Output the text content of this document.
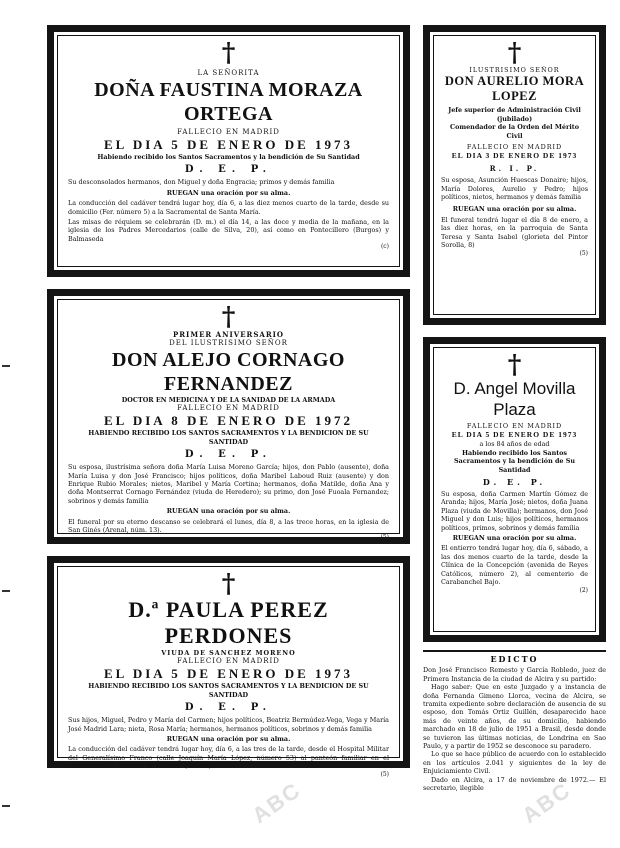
ABC	ABC
†
LA SEÑORITA
DOÑA FAUSTINA MORAZA ORTEGA
FALLECIO EN MADRID
EL DIA 5 DE ENERO DE 1973
Habiendo recibido los Santos Sacramentos y la bendición de Su Santidad
D. E. P.
Su desconsolados hermanos, don Miguel y doña Engracia; primos y demás familia
RUEGAN una oración por su alma.
La conducción del cadáver tendrá lugar hoy, día 6, a las diez menos cuarto de la tarde, desde su domicilio (Fer. número 5) a la Sacramental de Santa María.
Las misas de réquiem se celebrarán (D. m.) el día 14, a las doce y media de la mañana, en la iglesia de los Padres Mercedarios (calle de Silva, 20), así como en Pontecillero (Burgos) y Balmaseda
(c)
†
PRIMER ANIVERSARIO
DEL ILUSTRISIMO SEÑOR
DON ALEJO CORNAGO FERNANDEZ
DOCTOR EN MEDICINA Y DE LA SANIDAD DE LA ARMADA
FALLECIO EN MADRID
EL DIA 8 DE ENERO DE 1972
HABIENDO RECIBIDO LOS SANTOS SACRAMENTOS Y LA BENDICION DE SU SANTIDAD
D. E. P.
Su esposa, ilustrísima señora doña María Luisa Moreno García; hijos, don Pablo (ausente), doña María Luisa y don José Francisco; hijos políticos, doña Maribel Laboud Ruiz (ausente) y don Enrique Rubio Morales; nietos, Maribel y María Cortina; hermanos, doña Matilde, doña Ana y doña Montserrat Cornago Fernández (viuda de Heredero); su primo, don José Fuoala Fernandez; sobrinos y demás familia
RUEGAN una oración por su alma.
El funeral por su eterno descanso se celebrará el lunes, día 8, a las trece horas, en la iglesia de San Ginés (Arenal, núm. 13).
(5)
†
D.ª PAULA PEREZ PERDONES
VIUDA DE SANCHEZ MORENO
FALLECIO EN MADRID
EL DIA 5 DE ENERO DE 1973
HABIENDO RECIBIDO LOS SANTOS SACRAMENTOS Y LA BENDICION DE SU SANTIDAD
D. E. P.
Sus hijos, Miguel, Pedro y María del Carmen; hijos políticos, Beatriz Bermúdez-Vega, Vega y María José Madrid Lara; nieta, Rosa María; hermanos, hermanos políticos, sobrinos y demás familia
RUEGAN una oración por su alma.
La conducción del cadáver tendrá lugar hoy, día 6, a las tres de la tarde, desde el Hospital Militar del Generalísimo Franco (calle Joaquín María López, número 53) al panteón familiar en el cementerio de Talavera de la Reina (Toledo).
(5)
†
ILUSTRISIMO SEÑOR
DON AURELIO MORA
LOPEZ
Jefe superior de Administración Civil (jubilado)
Comendador de la Orden del Mérito Civil
FALLECIO EN MADRID
EL DIA 3 DE ENERO DE 1973
R. I. P.
Su esposa, Asunción Huescas Donaire; hijos, María Dolores, Aurelio y Pedro; hijos políticos, nietos, hermanos y demás familia
RUEGAN una oración por su alma.
El funeral tendrá lugar el día 8 de enero, a las diez horas, en la parroquia de Santa Teresa y Santa Isabel (glorieta del Pintor Sorolla, 8)
(5)
†
D. Angel Movilla
Plaza
FALLECIO EN MADRID
EL DIA 5 DE ENERO DE 1973
a los 84 años de edad
Habiendo recibido los Santos Sacramentos y la bendición de Su Santidad
D. E. P.
Su esposa, doña Carmen Martín Gómez de Aranda; hijos, María José; nietos, doña Juana Plaza (viuda de Movilla); hermanos, don José Miguel y don Luis; hijos políticos, hermanos políticos, primos, sobrinos y demás familia
RUEGAN una oración por su alma.
El entierro tendrá lugar hoy, día 6, sábado, a las dos menos cuarto de la tarde, desde la Clínica de la Concepción (avenida de Reyes Católicos, número 2), al cementerio de Carabanchel Bajo.
(2)
EDICTO
Don José Francisco Remesto y García Robledo, juez de Primera Instancia de la ciudad de Alcira y su partido:
Hago saber: Que en este Juzgado y a instancia de doña Fernanda Gimeno Llorca, vecina de Alcira, se tramita expediente sobre declaración de ausencia de su esposo, don Tomás Ortiz Guillén, desaparecido hace más de veinte años, de su domicilio, habiendo marchado en 18 de julio de 1951 a Brasil, desde donde se tuvieron las últimas noticias, de Londrina en Sao Paulo, y a partir de 1952 se desconoce su paradero.
Lo que se hace público de acuerdo con lo establecido en los artículos 2.041 y siguientes de la ley de Enjuiciamiento Civil.
Dado en Alcira, a 17 de noviembre de 1972.— El secretario, ilegible
